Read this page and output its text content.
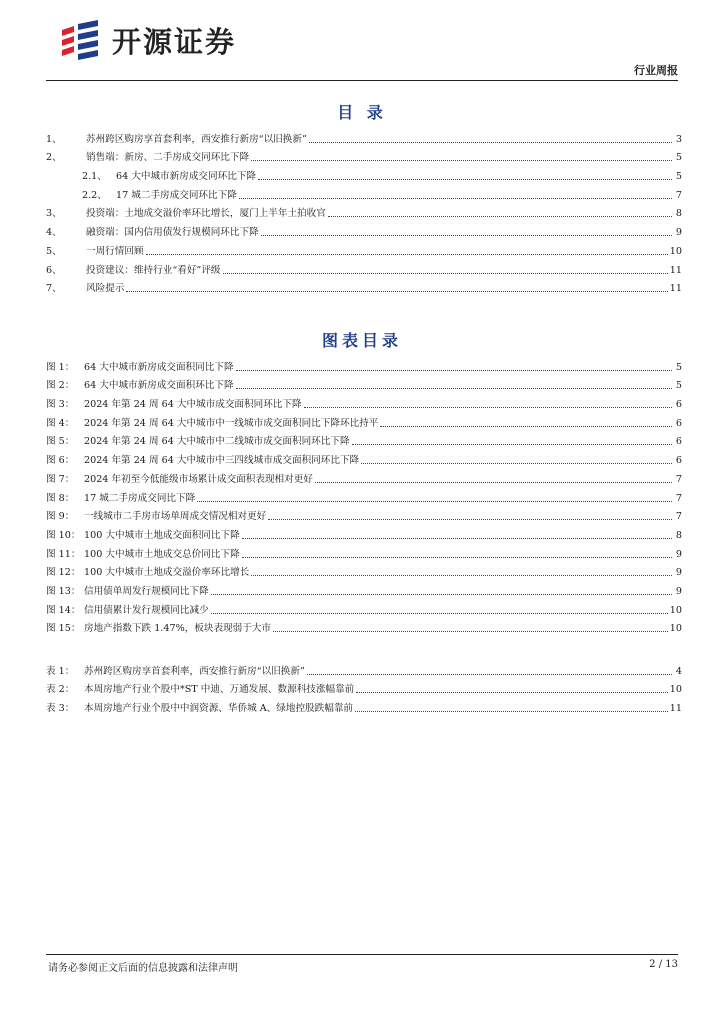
开源证券
行业周报
目 录
1、	苏州跨区购房享首套利率，西安推行新房“以旧换新”	3
2、	销售端：新房、二手房成交同环比下降	5
2.1、 64 大中城市新房成交同环比下降	5
2.2、 17 城二手房成交同环比下降	7
3、	投资端：土地成交溢价率环比增长，厦门上半年土拍收官	8
4、	融资端：国内信用债发行规模同环比下降	9
5、	一周行情回顾	10
6、	投资建议：维持行业“看好”评级	11
7、	风险提示	11
图表目录
图 1：	64 大中城市新房成交面积同比下降	5
图 2：	64 大中城市新房成交面积环比下降	5
图 3：	2024 年第 24 周 64 大中城市成交面积同环比下降	6
图 4：	2024 年第 24 周 64 大中城市中一线城市成交面积同比下降环比持平	6
图 5：	2024 年第 24 周 64 大中城市中二线城市成交面积同环比下降	6
图 6：	2024 年第 24 周 64 大中城市中三四线城市成交面积同环比下降	6
图 7：	2024 年初至今低能级市场累计成交面积表现相对更好	7
图 8：	17 城二手房成交同比下降	7
图 9：	一线城市二手房市场单周成交情况相对更好	7
图 10： 100 大中城市土地成交面积同比下降	8
图 11： 100 大中城市土地成交总价同比下降	9
图 12： 100 大中城市土地成交溢价率环比增长	9
图 13： 信用债单周发行规模同比下降	9
图 14： 信用债累计发行规模同比减少	10
图 15： 房地产指数下跌 1.47%，板块表现弱于大市	10
表 1：	苏州跨区购房享首套利率，西安推行新房“以旧换新”	4
表 2：	本周房地产行业个股中*ST 中迪、万通发展、数源科技涨幅靠前	10
表 3：	本周房地产行业个股中中润资源、华侨城 A、绿地控股跌幅靠前	11
请务必参阅正文后面的信息披露和法律声明	2 / 13
